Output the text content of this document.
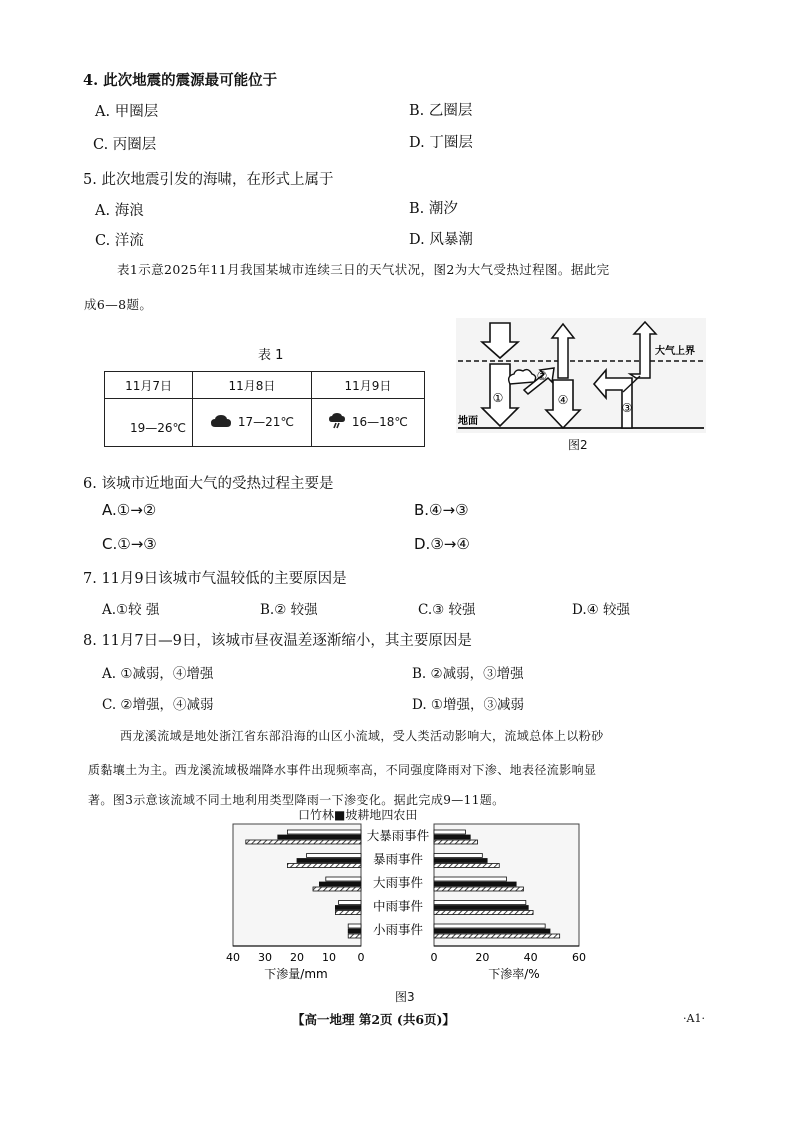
4. 此次地震的震源最可能位于
A. 甲圈层	B. 乙圈层
C. 丙圈层	D. 丁圈层
5. 此次地震引发的海啸，在形式上属于
A. 海浪	B. 潮汐
C. 洋流	D. 风暴潮
表1示意2025年11月我国某城市连续三日的天气状况，图2为大气受热过程图。据此完
成6—8题。
表 1
11月7日	11月8日	11月9日
19—26℃	17—21℃	16—18℃
①
②
③
④
大气上界
地面
图2
6. 该城市近地面大气的受热过程主要是
A.①→②	B.④→③
C.①→③	D.③→④
7. 11月9日该城市气温较低的主要原因是
A.①较 强	B.② 较强	C.③ 较强	D.④ 较强
8. 11月7日—9日，该城市昼夜温差逐渐缩小，其主要原因是
A. ①减弱，④增强	B. ②减弱，③增强
C. ②增强，④减弱	D. ①增强，③减弱
西龙溪流域是地处浙江省东部沿海的山区小流域，受人类活动影响大，流域总体上以粉砂
质黏壤土为主。西龙溪流域极端降水事件出现频率高，不同强度降雨对下渗、地表径流影响显
著。图3示意该流域不同土地利用类型降雨一下渗变化。据此完成9—11题。
口竹林■坡耕地四农田
大暴雨事件
暴雨事件
大雨事件
中雨事件
小雨事件
40 30 20 10 0	0	20	40	60
下渗量/mm	下渗率/%
图3
【高一地理 第2页 (共6页)】	·A1·
